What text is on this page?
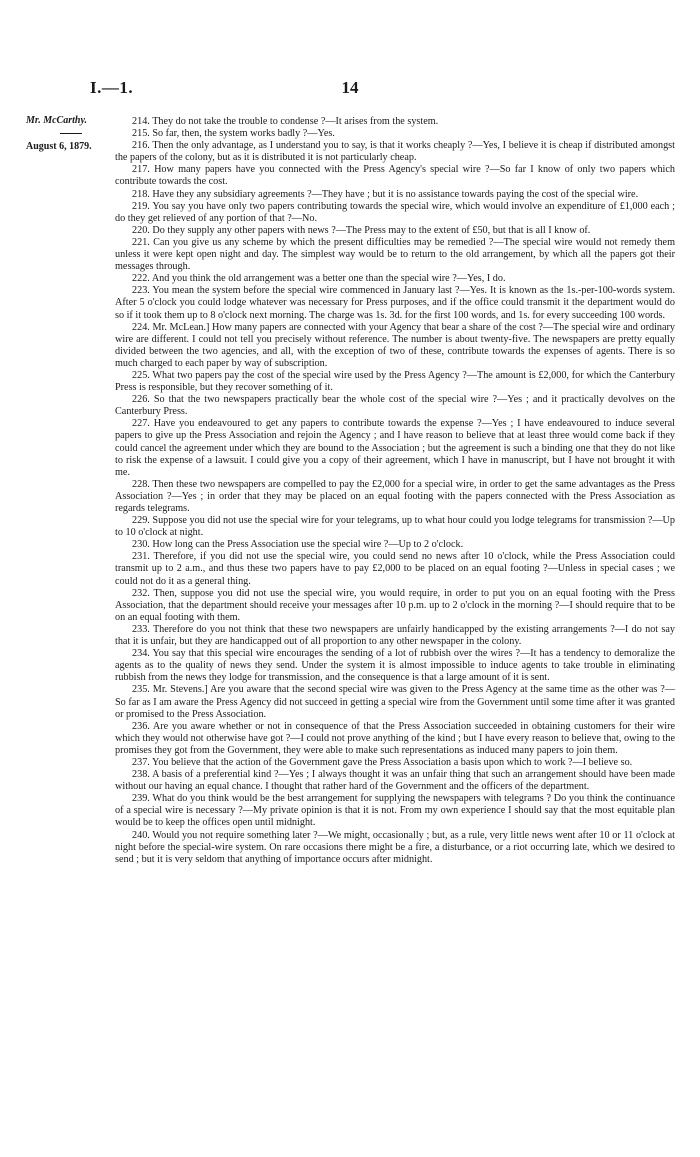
I.—1.	14
Mr. McCarthy.
August 6, 1879.

214. They do not take the trouble to condense ?—It arises from the system.

215. So far, then, the system works badly ?—Yes.

216. Then the only advantage, as I understand you to say, is that it works cheaply ?—Yes, I believe it is cheap if distributed amongst the papers of the colony, but as it is distributed it is not particularly cheap.

217. How many papers have you connected with the Press Agency's special wire ?—So far I know of only two papers which contribute towards the cost.

218. Have they any subsidiary agreements ?—They have ; but it is no assistance towards paying the cost of the special wire.

219. You say you have only two papers contributing towards the special wire, which would involve an expenditure of £1,000 each ; do they get relieved of any portion of that ?—No.

220. Do they supply any other papers with news ?—The Press may to the extent of £50, but that is all I know of.

221. Can you give us any scheme by which the present difficulties may be remedied ?—The special wire would not remedy them unless it were kept open night and day. The simplest way would be to return to the old arrangement, by which all the papers got their messages through.

222. And you think the old arrangement was a better one than the special wire ?—Yes, I do.

223. You mean the system before the special wire commenced in January last ?—Yes. It is known as the 1s.-per-100-words system. After 5 o'clock you could lodge whatever was necessary for Press purposes, and if the office could transmit it the department would do so if it took them up to 8 o'clock next morning. The charge was 1s. 3d. for the first 100 words, and 1s. for every succeeding 100 words.

224. Mr. McLean.] How many papers are connected with your Agency that bear a share of the cost ?—The special wire and ordinary wire are different. I could not tell you precisely without reference. The number is about twenty-five. The newspapers are pretty equally divided between the two agencies, and all, with the exception of two of these, contribute towards the expenses of agents. There is so much charged to each paper by way of subscription.

225. What two papers pay the cost of the special wire used by the Press Agency ?—The amount is £2,000, for which the Canterbury Press is responsible, but they recover something of it.

226. So that the two newspapers practically bear the whole cost of the special wire ?—Yes ; and it practically devolves on the Canterbury Press.

227. Have you endeavoured to get any papers to contribute towards the expense ?—Yes ; I have endeavoured to induce several papers to give up the Press Association and rejoin the Agency ; and I have reason to believe that at least three would come back if they could cancel the agreement under which they are bound to the Association ; but the agreement is such a binding one that they do not like to risk the expense of a lawsuit. I could give you a copy of their agreement, which I have in manuscript, but I have not brought it with me.

228. Then these two newspapers are compelled to pay the £2,000 for a special wire, in order to get the same advantages as the Press Association ?—Yes ; in order that they may be placed on an equal footing with the papers connected with the Press Association as regards telegrams.

229. Suppose you did not use the special wire for your telegrams, up to what hour could you lodge telegrams for transmission ?—Up to 10 o'clock at night.

230. How long can the Press Association use the special wire ?—Up to 2 o'clock.

231. Therefore, if you did not use the special wire, you could send no news after 10 o'clock, while the Press Association could transmit up to 2 a.m., and thus these two papers have to pay £2,000 to be placed on an equal footing ?—Unless in special cases ; we could not do it as a general thing.

232. Then, suppose you did not use the special wire, you would require, in order to put you on an equal footing with the Press Association, that the department should receive your messages after 10 p.m. up to 2 o'clock in the morning ?—I should require that to be on an equal footing with them.

233. Therefore do you not think that these two newspapers are unfairly handicapped by the existing arrangements ?—I do not say that it is unfair, but they are handicapped out of all proportion to any other newspaper in the colony.

234. You say that this special wire encourages the sending of a lot of rubbish over the wires ?—It has a tendency to demoralize the agents as to the quality of news they send. Under the system it is almost impossible to induce agents to take trouble in eliminating rubbish from the news they lodge for transmission, and the consequence is that a large amount of it is sent.

235. Mr. Stevens.] Are you aware that the second special wire was given to the Press Agency at the same time as the other was ?—So far as I am aware the Press Agency did not succeed in getting a special wire from the Government until some time after it was granted or promised to the Press Association.

236. Are you aware whether or not in consequence of that the Press Association succeeded in obtaining customers for their wire which they would not otherwise have got ?—I could not prove anything of the kind ; but I have every reason to believe that, owing to the promises they got from the Government, they were able to make such representations as induced many papers to join them.

237. You believe that the action of the Government gave the Press Association a basis upon which to work ?—I believe so.

238. A basis of a preferential kind ?—Yes ; I always thought it was an unfair thing that such an arrangement should have been made without our having an equal chance. I thought that rather hard of the Government and the officers of the department.

239. What do you think would be the best arrangement for supplying the newspapers with telegrams ? Do you think the continuance of a special wire is necessary ?—My private opinion is that it is not. From my own experience I should say that the most equitable plan would be to keep the offices open until midnight.

240. Would you not require something later ?—We might, occasionally ; but, as a rule, very little news went after 10 or 11 o'clock at night before the special-wire system. On rare occasions there might be a fire, a disturbance, or a riot occurring late, which we desired to send ; but it is very seldom that anything of importance occurs after midnight.
